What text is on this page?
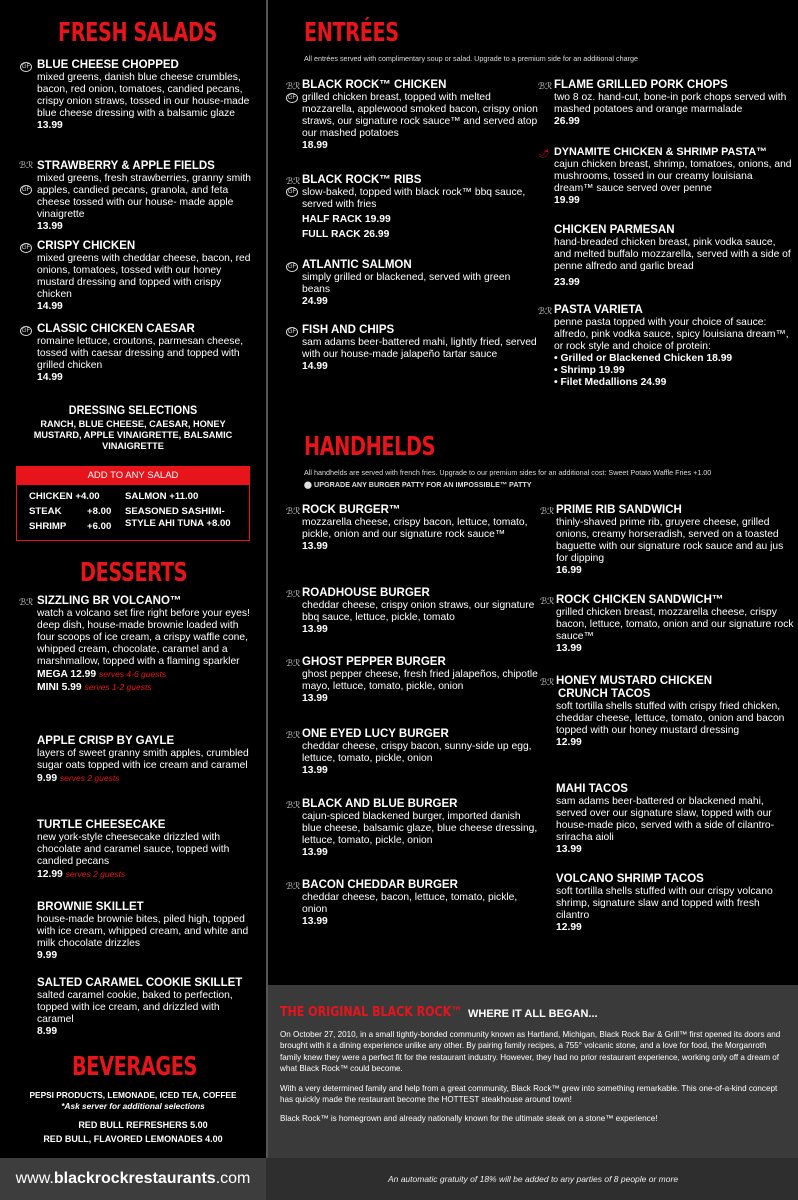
FRESH SALADS
GF BLUE CHEESE CHOPPED
mixed greens, danish blue cheese crumbles, bacon, red onion, tomatoes, candied pecans, crispy onion straws, tossed in our house-made blue cheese dressing with a balsamic glaze
13.99
ℬℛ
GF
STRAWBERRY & APPLE FIELDS
mixed greens, fresh strawberries, granny smith apples, candied pecans, granola, and feta cheese tossed with our house- made apple vinaigrette
13.99
GF CRISPY CHICKEN
mixed greens with cheddar cheese, bacon, red onions, tomatoes, tossed with our honey mustard dressing and topped with crispy chicken
14.99
GF CLASSIC CHICKEN CAESAR
romaine lettuce, croutons, parmesan cheese, tossed with caesar dressing and topped with grilled chicken
14.99
DRESSING SELECTIONS
RANCH, BLUE CHEESE, CAESAR, HONEY MUSTARD, APPLE VINAIGRETTE, BALSAMIC VINAIGRETTE
ADD TO ANY SALAD
CHICKEN +4.00
STEAK	+8.00
SHRIMP +6.00
SALMON +11.00
SEASONED SASHIMI-
STYLE AHI TUNA +8.00
DESSERTS
ℬℛ SIZZLING BR VOLCANO™
watch a volcano set fire right before your eyes! deep dish, house-made brownie loaded with four scoops of ice cream, a crispy waffle cone, whipped cream, chocolate, caramel and a marshmallow, topped with a flaming sparkler
MEGA 12.99 serves 4-6 guests
MINI 5.99 serves 1-2 guests
APPLE CRISP BY GAYLE
layers of sweet granny smith apples, crumbled sugar oats topped with ice cream and caramel
9.99 serves 2 guests
TURTLE CHEESECAKE
new york-style cheesecake drizzled with chocolate and caramel sauce, topped with candied pecans
12.99 serves 2 guests
BROWNIE SKILLET
house-made brownie bites, piled high, topped with ice cream, whipped cream, and white and milk chocolate drizzles
9.99
SALTED CARAMEL COOKIE SKILLET
salted caramel cookie, baked to perfection, topped with ice cream, and drizzled with caramel
8.99
BEVERAGES
PEPSI PRODUCTS, LEMONADE, ICED TEA, COFFEE
*Ask server for additional selections
RED BULL REFRESHERS 5.00
RED BULL, FLAVORED LEMONADES 4.00
ENTRÉES
All entrées served with complimentary soup or salad. Upgrade to a premium side for an additional charge
ℬℛ
GF
BLACK ROCK™ CHICKEN
grilled chicken breast, topped with melted mozzarella, applewood smoked bacon, crispy onion straws, our signature rock sauce™ and served atop our mashed potatoes
18.99
ℬℛ
GF
BLACK ROCK™ RIBS
slow-baked, topped with black rock™ bbq sauce, served with fries
HALF RACK 19.99
FULL RACK 26.99
GF ATLANTIC SALMON
simply grilled or blackened, served with green beans
24.99
GF FISH AND CHIPS
sam adams beer-battered mahi, lightly fried, served with our house-made jalapeño tartar sauce
14.99
ℬℛ FLAME GRILLED PORK CHOPS
two 8 oz. hand-cut, bone-in pork chops served with mashed potatoes and orange marmalade
26.99
🌶 DYNAMITE CHICKEN & SHRIMP PASTA™
cajun chicken breast, shrimp, tomatoes, onions, and mushrooms, tossed in our creamy louisiana dream™ sauce served over penne
19.99
CHICKEN PARMESAN
hand-breaded chicken breast, pink vodka sauce, and melted buffalo mozzarella, served with a side of penne alfredo and garlic bread
23.99
ℬℛ PASTA VARIETA
penne pasta topped with your choice of sauce: alfredo, pink vodka sauce, spicy louisiana dream™, or rock style and choice of protein:
• Grilled or Blackened Chicken 18.99
• Shrimp 19.99
• Filet Medallions 24.99
HANDHELDS
All handhelds are served with french fries. Upgrade to our premium sides for an additional cost: Sweet Potato Waffle Fries +1.00
⬤ UPGRADE ANY BURGER PATTY FOR AN IMPOSSIBLE™ PATTY
ℬℛ ROCK BURGER™
mozzarella cheese, crispy bacon, lettuce, tomato, pickle, onion and our signature rock sauce™
13.99
ℬℛ ROADHOUSE BURGER
cheddar cheese, crispy onion straws, our signature bbq sauce, lettuce, pickle, tomato
13.99
ℬℛ GHOST PEPPER BURGER
ghost pepper cheese, fresh fried jalapeños, chipotle mayo, lettuce, tomato, pickle, onion
13.99
ℬℛ ONE EYED LUCY BURGER
cheddar cheese, crispy bacon, sunny-side up egg, lettuce, tomato, pickle, onion
13.99
ℬℛ BLACK AND BLUE BURGER
cajun-spiced blackened burger, imported danish blue cheese, balsamic glaze, blue cheese dressing, lettuce, tomato, pickle, onion
13.99
ℬℛ BACON CHEDDAR BURGER
cheddar cheese, bacon, lettuce, tomato, pickle, onion
13.99
ℬℛ PRIME RIB SANDWICH
thinly-shaved prime rib, gruyere cheese, grilled onions, creamy horseradish, served on a toasted baguette with our signature rock sauce and au jus for dipping
16.99
ℬℛ ROCK CHICKEN SANDWICH™
grilled chicken breast, mozzarella cheese, crispy bacon, lettuce, tomato, onion and our signature rock sauce™
13.99
ℬℛ HONEY MUSTARD CHICKEN
CRUNCH TACOS
soft tortilla shells stuffed with crispy fried chicken, cheddar cheese, lettuce, tomato, onion and bacon topped with our honey mustard dressing
12.99
MAHI TACOS
sam adams beer-battered or blackened mahi, served over our signature slaw, topped with our house-made pico, served with a side of cilantro-sriracha aioli
13.99
VOLCANO SHRIMP TACOS
soft tortilla shells stuffed with our crispy volcano shrimp, signature slaw and topped with fresh cilantro
12.99
THE ORIGINAL BLACK ROCK™ WHERE IT ALL BEGAN...

On October 27, 2010, in a small tightly-bonded community known as Hartland, Michigan, Black Rock Bar & Grill™ first opened its doors and brought with it a dining experience unlike any other. By pairing family recipes, a 755° volcanic stone, and a love for food, the Morganroth family knew they were a perfect fit for the restaurant industry. However, they had no prior restaurant experience, working only off a dream of what Black Rock™ could become.

With a very determined family and help from a great community, Black Rock™ grew into something remarkable. This one-of-a-kind concept has quickly made the restaurant become the HOTTEST steakhouse around town!

Black Rock™ is homegrown and already nationally known for the ultimate steak on a stone™ experience!

www.blackrockrestaurants.com	An automatic gratuity of 18% will be added to any parties of 8 people or more
